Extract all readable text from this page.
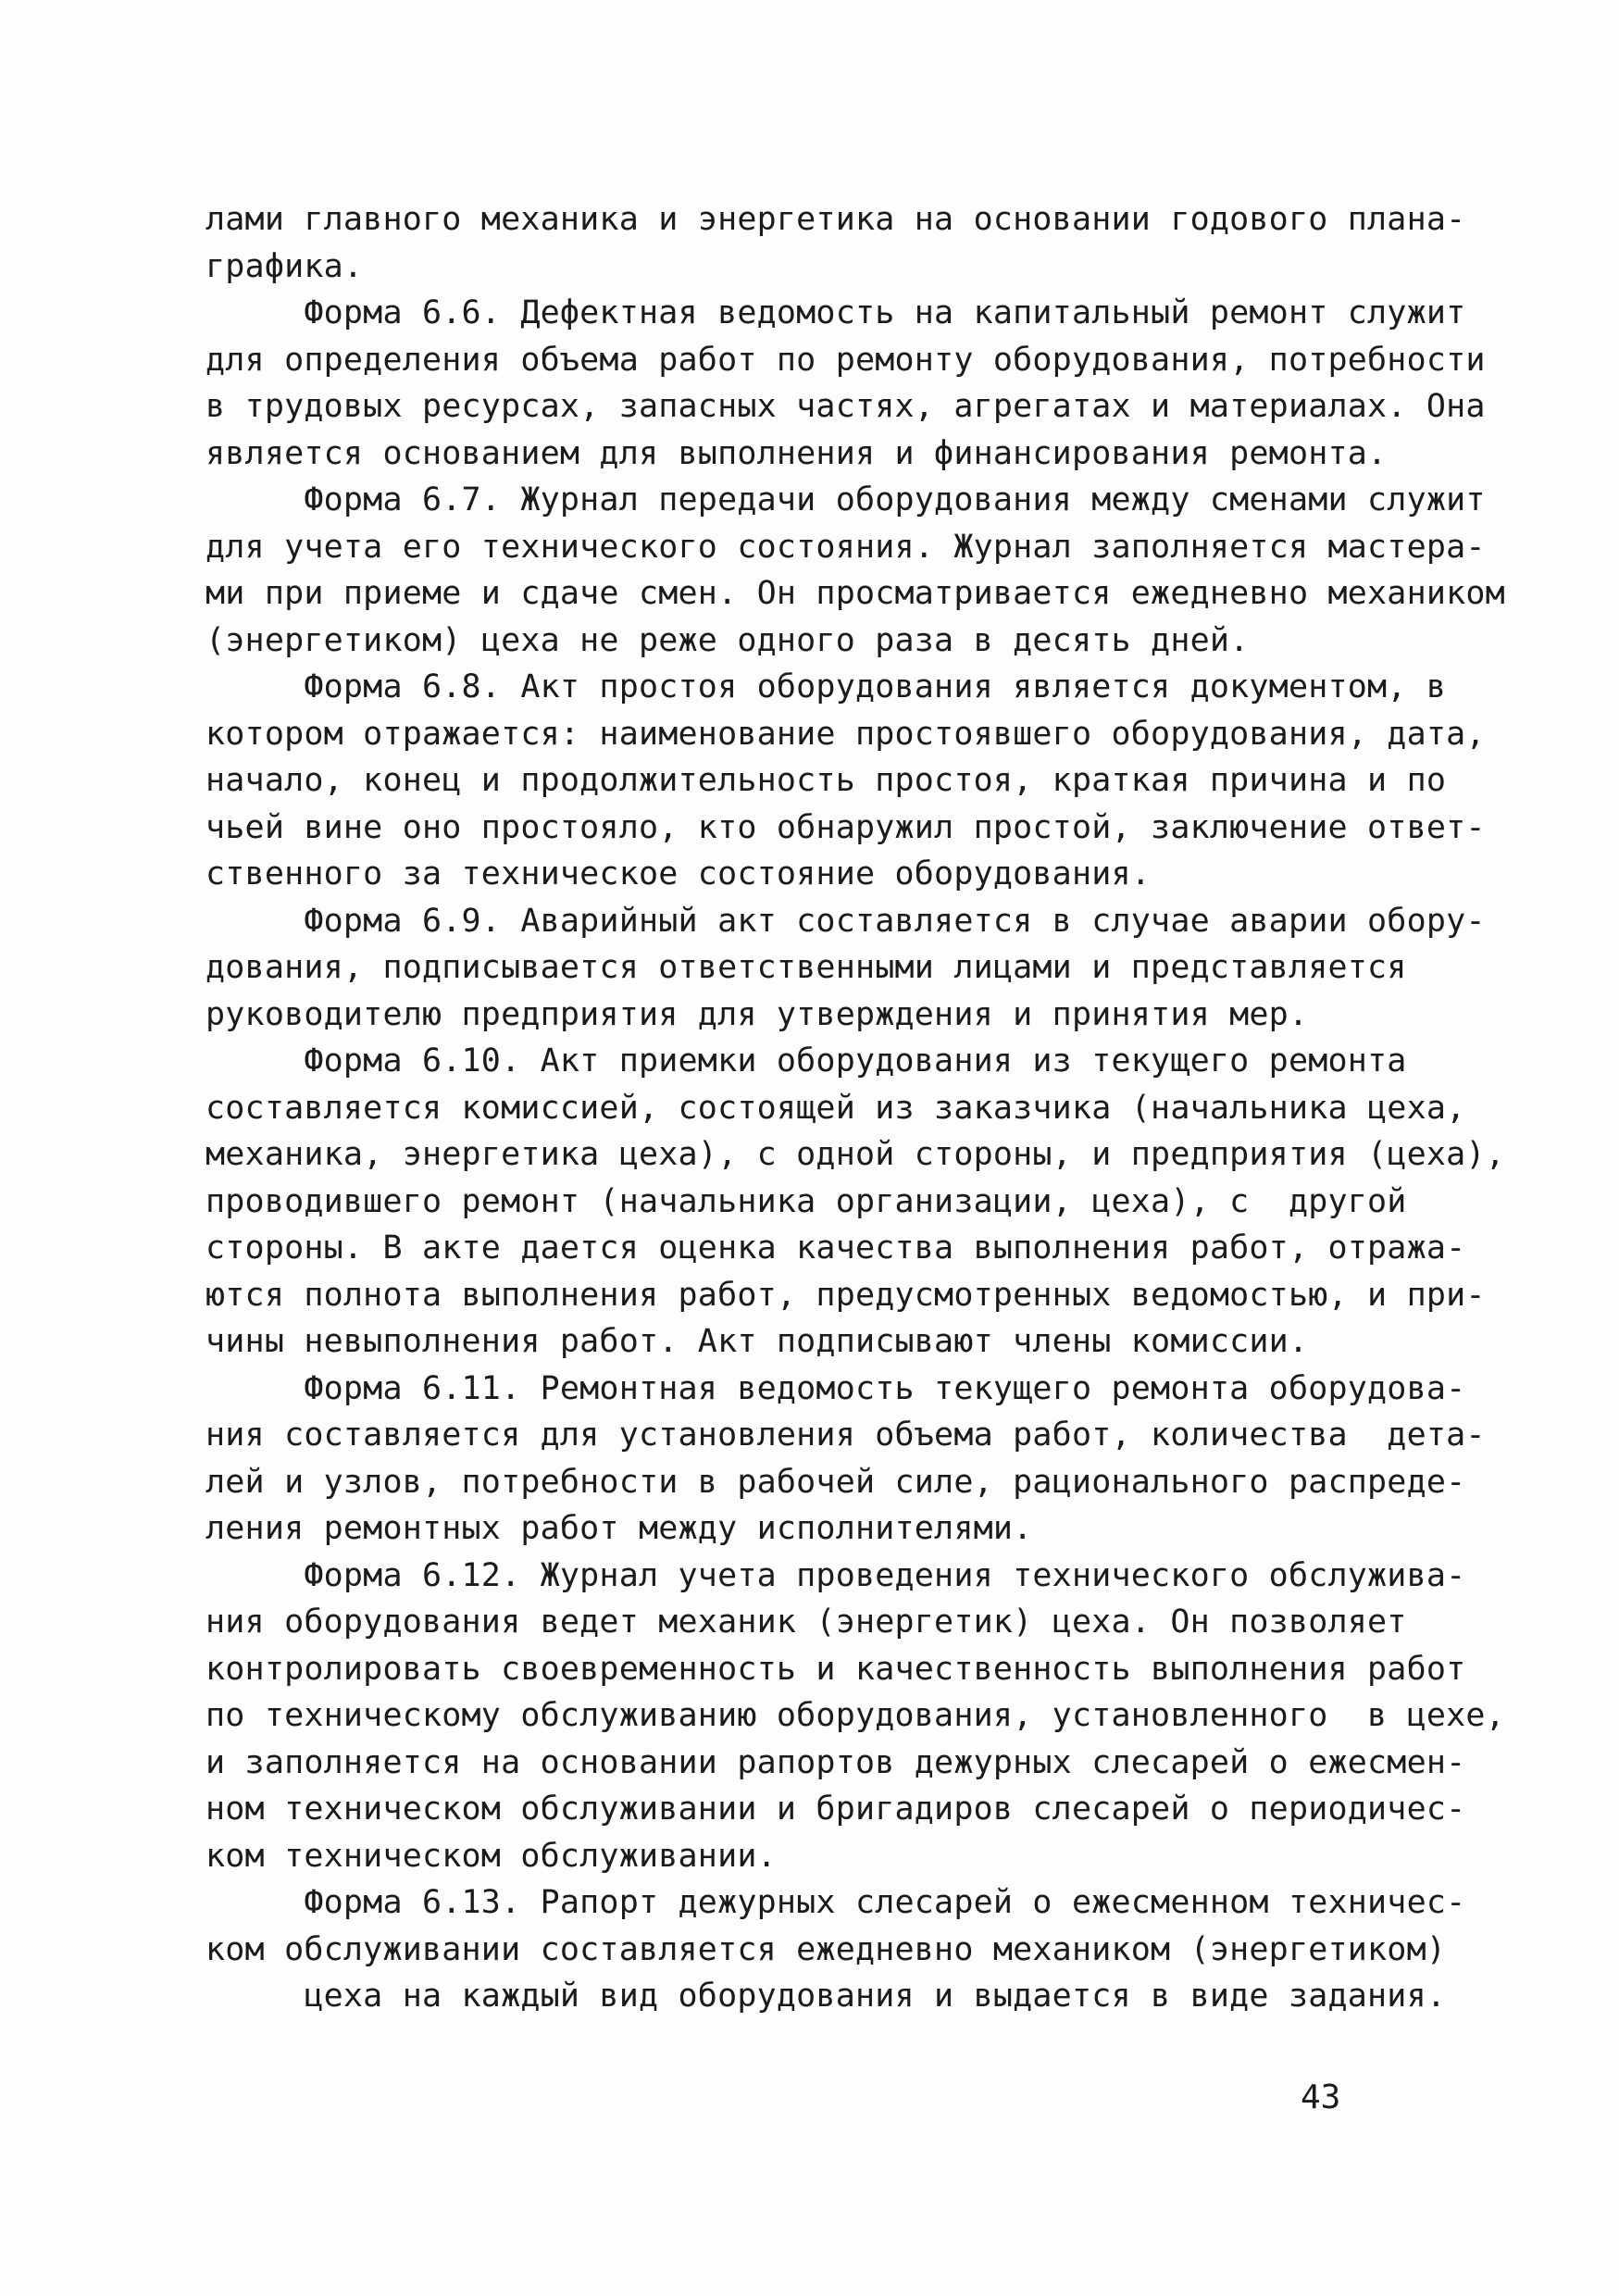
лами главного механика и энергетика на основании годового плана-
графика.
Форма 6.6. Дефектная ведомость на капитальный ремонт служит
для определения объема работ по ремонту оборудования, потребности
в трудовых ресурсах, запасных частях, агрегатах и материалах. Она
является основанием для выполнения и финансирования ремонта.
Форма 6.7. Журнал передачи оборудования между сменами служит
для учета его технического состояния. Журнал заполняется мастера-
ми при приеме и сдаче смен. Он просматривается ежедневно механиком
(энергетиком) цеха не реже одного раза в десять дней.
Форма 6.8. Акт простоя оборудования является документом, в
котором отражается: наименование простоявшего оборудования, дата,
начало, конец и продолжительность простоя, краткая причина и по
чьей вине оно простояло, кто обнаружил простой, заключение ответ-
ственного за техническое состояние оборудования.
Форма 6.9. Аварийный акт составляется в случае аварии обору-
дования, подписывается ответственными лицами и представляется
руководителю предприятия для утверждения и принятия мер.
Форма 6.10. Акт приемки оборудования из текущего ремонта
составляется комиссией, состоящей из заказчика (начальника цеха,
механика, энергетика цеха), с одной стороны, и предприятия (цеха),
проводившего ремонт (начальника организации, цеха), с  другой
стороны. В акте дается оценка качества выполнения работ, отража-
ются полнота выполнения работ, предусмотренных ведомостью, и при-
чины невыполнения работ. Акт подписывают члены комиссии.
Форма 6.11. Ремонтная ведомость текущего ремонта оборудова-
ния составляется для установления объема работ, количества  дета-
лей и узлов, потребности в рабочей силе, рационального распреде-
ления ремонтных работ между исполнителями.
Форма 6.12. Журнал учета проведения технического обслужива-
ния оборудования ведет механик (энергетик) цеха. Он позволяет
контролировать своевременность и качественность выполнения работ
по техническому обслуживанию оборудования, установленного  в цехе,
и заполняется на основании рапортов дежурных слесарей о ежесмен-
ном техническом обслуживании и бригадиров слесарей о периодичес-
ком техническом обслуживании.
Форма 6.13. Рапорт дежурных слесарей о ежесменном техничес-
ком обслуживании составляется ежедневно механиком (энергетиком)
цеха на каждый вид оборудования и выдается в виде задания.
43
